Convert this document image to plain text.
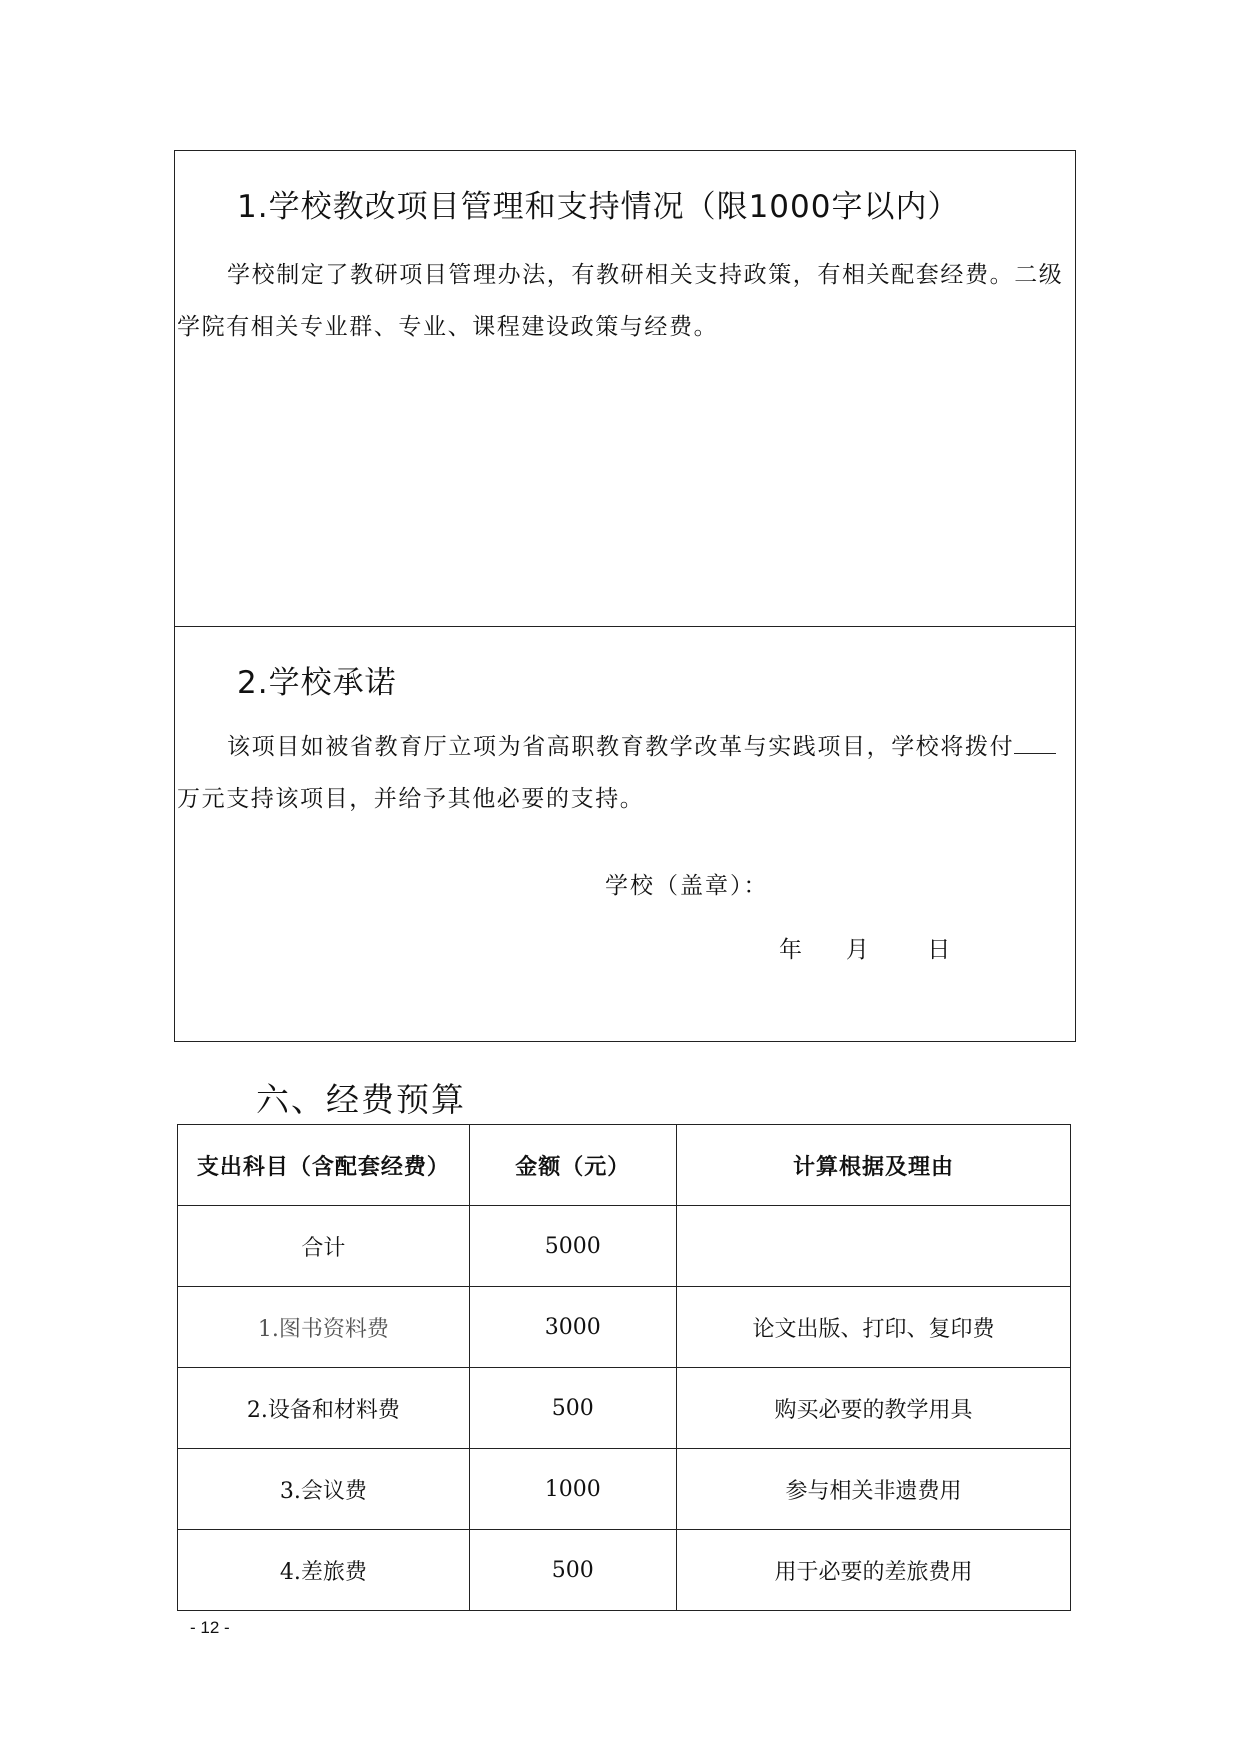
1.学校教改项目管理和支持情况（限1000字以内）

学校制定了教研项目管理办法，有教研相关支持政策，有相关配套经费。二级

学院有相关专业群、专业、课程建设政策与经费。

2.学校承诺

该项目如被省教育厅立项为省高职教育教学改革与实践项目，学校将拨付

万元支持该项目，并给予其他必要的支持。

学校（盖章）：
年      月        日
六、经费预算
支出科目（含配套经费）	金额（元）	计算根据及理由
合计	5000	
1.图书资料费	3000	论文出版、打印、复印费
2.设备和材料费	500	购买必要的教学用具
3.会议费	1000	参与相关非遗费用
4.差旅费	500	用于必要的差旅费用
- 12 -
